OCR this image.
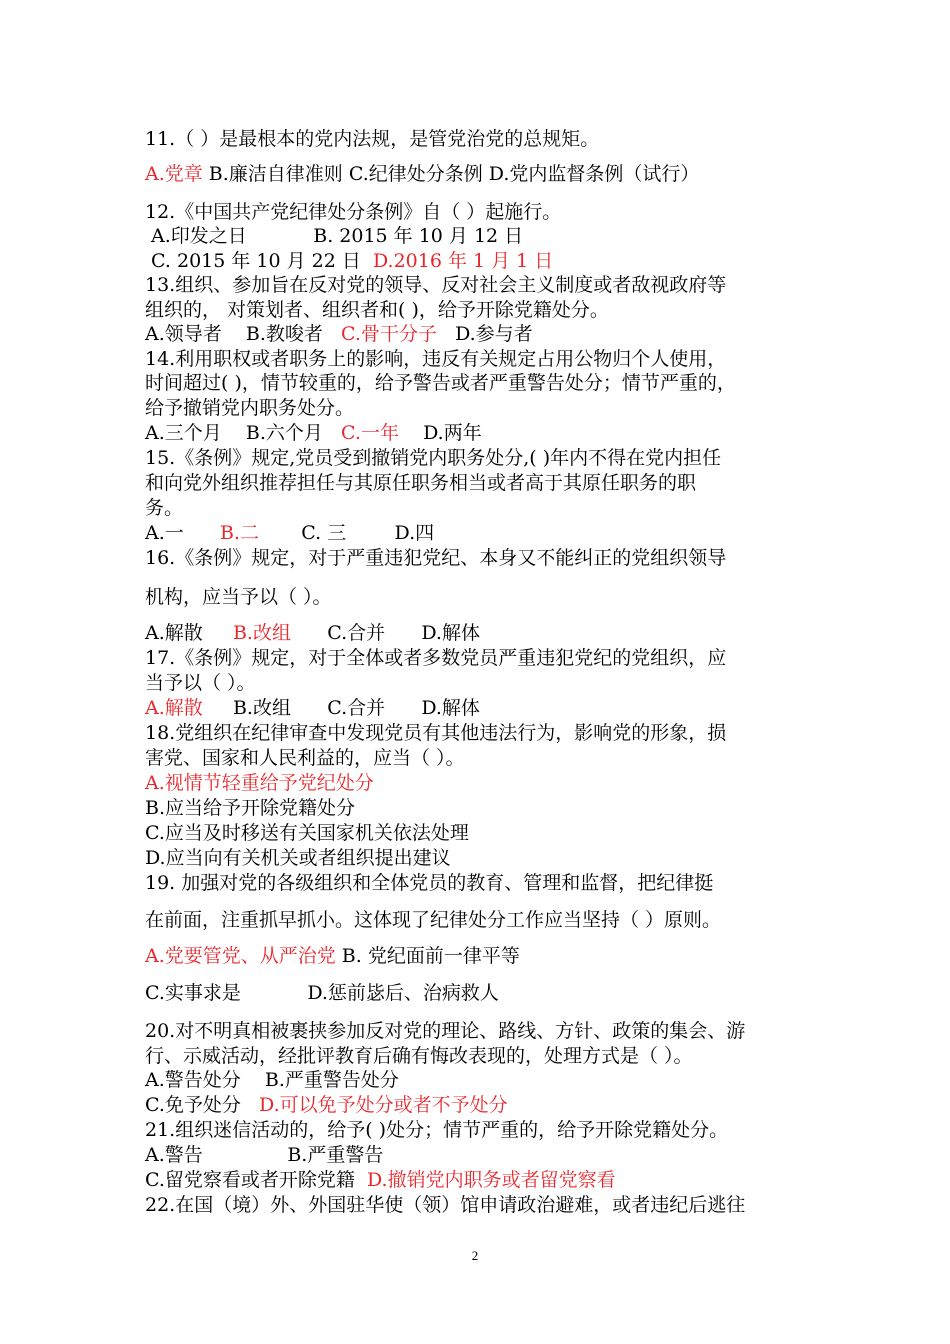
11.（ ）是最根本的党内法规，是管党治党的总规矩。
A.党章 B.廉洁自律准则 C.纪律处分条例 D.党内监督条例（试行）
12.《中国共产党纪律处分条例》自（ ）起施行。
A.印发之日           B. 2015 年 10 月 12 日
C. 2015 年 10 月 22 日  D.2016 年 1 月 1 日
13.组织、参加旨在反对党的领导、反对社会主义制度或者敌视政府等
组织的， 对策划者、组织者和( )，给予开除党籍处分。
A.领导者    B.教唆者   C.骨干分子   D.参与者
14.利用职权或者职务上的影响，违反有关规定占用公物归个人使用，
时间超过( )，情节较重的，给予警告或者严重警告处分；情节严重的，
给予撤销党内职务处分。
A.三个月    B.六个月   C.一年    D.两年
15.《条例》规定,党员受到撤销党内职务处分,( )年内不得在党内担任
和向党外组织推荐担任与其原任职务相当或者高于其原任职务的职
务。
A.一      B.二       C. 三        D.四
16.《条例》规定，对于严重违犯党纪、本身又不能纠正的党组织领导
机构，应当予以（ ）。
A.解散     B.改组      C.合并      D.解体
17.《条例》规定，对于全体或者多数党员严重违犯党纪的党组织，应
当予以（ ）。
A.解散     B.改组      C.合并      D.解体
18.党组织在纪律审查中发现党员有其他违法行为，影响党的形象，损
害党、国家和人民利益的，应当（ ）。
A.视情节轻重给予党纪处分
B.应当给予开除党籍处分
C.应当及时移送有关国家机关依法处理
D.应当向有关机关或者组织提出建议
19. 加强对党的各级组织和全体党员的教育、管理和监督，把纪律挺
在前面，注重抓早抓小。这体现了纪律处分工作应当坚持（ ）原则。
A.党要管党、从严治党 B. 党纪面前一律平等
C.实事求是           D.惩前毖后、治病救人
20.对不明真相被裹挟参加反对党的理论、路线、方针、政策的集会、游
行、示威活动，经批评教育后确有悔改表现的，处理方式是（ ）。
A.警告处分    B.严重警告处分
C.免予处分   D.可以免予处分或者不予处分
21.组织迷信活动的，给予( )处分；情节严重的，给予开除党籍处分。
A.警告              B.严重警告
C.留党察看或者开除党籍  D.撤销党内职务或者留党察看
22.在国（境）外、外国驻华使（领）馆申请政治避难，或者违纪后逃往
2
